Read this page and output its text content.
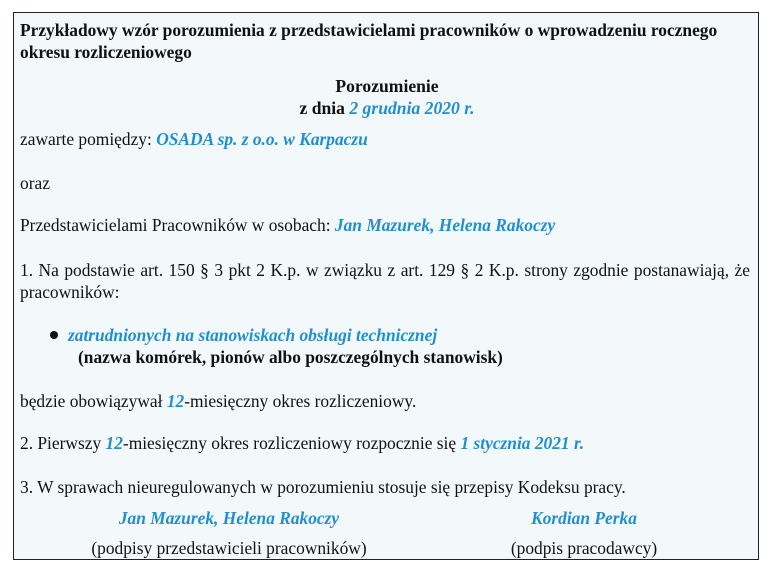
Przykładowy wzór porozumienia z przedstawicielami pracowników o wprowadzeniu rocznego okresu rozliczeniowego

Porozumienie

z dnia 2 grudnia 2020 r.

zawarte pomiędzy: OSADA sp. z o.o. w Karpaczu

oraz

Przedstawicielami Pracowników w osobach: Jan Mazurek, Helena Rakoczy

1. Na podstawie art. 150 § 3 pkt 2 K.p. w związku z art. 129 § 2 K.p. strony zgodnie postanawiają, że pracowników:

zatrudnionych na stanowiskach obsługi technicznej
(nazwa komórek, pionów albo poszczególnych stanowisk)

będzie obowiązywał 12-miesięczny okres rozliczeniowy.

2. Pierwszy 12-miesięczny okres rozliczeniowy rozpocznie się 1 stycznia 2021 r.

3. W sprawach nieuregulowanych w porozumieniu stosuje się przepisy Kodeksu pracy.

Jan Mazurek, Helena Rakoczy	Kordian Perka
(podpisy przedstawicieli pracowników)	(podpis pracodawcy)
